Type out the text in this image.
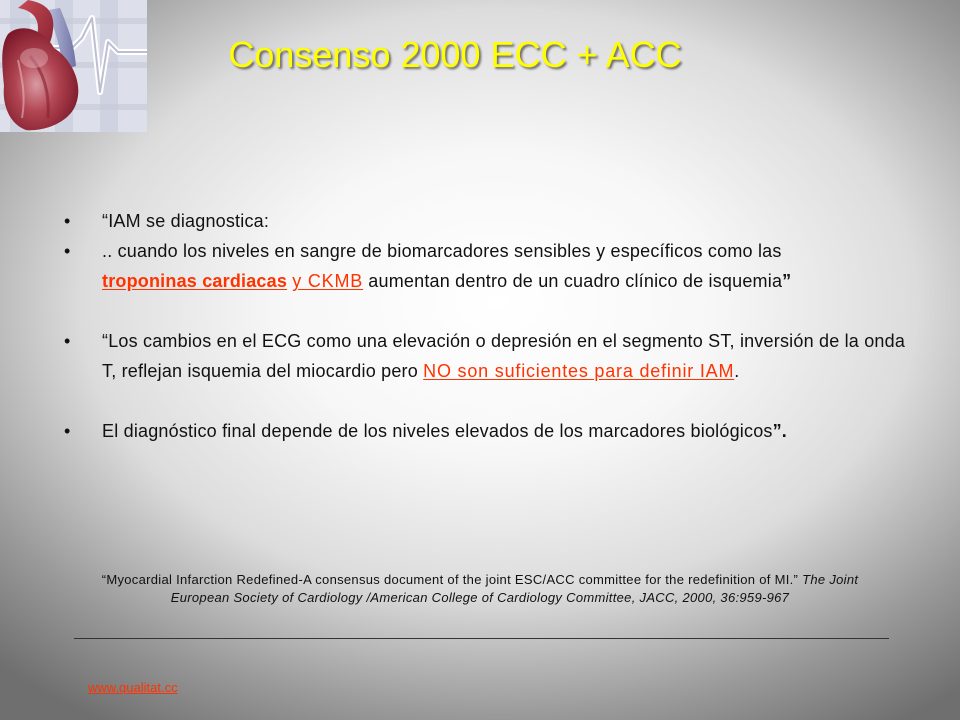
Consenso 2000 ECC + ACC
•	“IAM se diagnostica:
•	.. cuando los niveles en sangre de biomarcadores sensibles y específicos como las
troponinas cardiacas y CKMB aumentan dentro de un cuadro clínico de isquemia”
•	“Los cambios en el ECG como una elevación o depresión en el segmento ST, inversión de la onda T, reflejan isquemia del miocardio pero NO son suficientes para definir IAM.
•	El diagnóstico final depende de los niveles elevados de los marcadores biológicos”.
“Myocardial Infarction Redefined-A consensus document of the joint ESC/ACC committee for the redefinition of MI.” The Joint European Society of Cardiology /American College of Cardiology Committee, JACC, 2000, 36:959-967
www.qualitat.cc
